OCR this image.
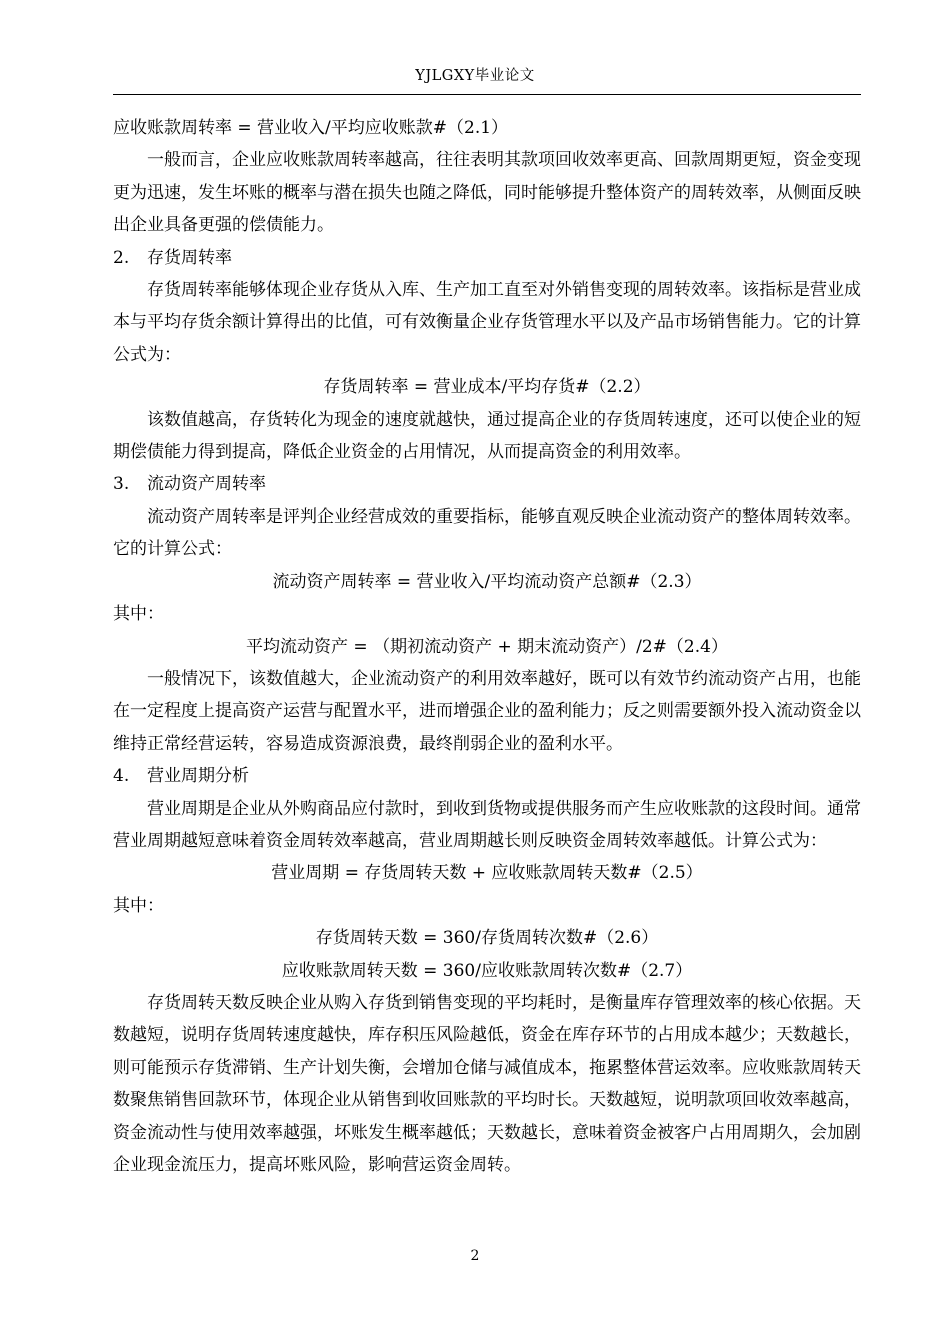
YJLGXY毕业论文

应收账款周转率 = 营业收入/平均应收账款#（2.1）

一般而言，企业应收账款周转率越高，往往表明其款项回收效率更高、回款周期更短，资金变现更为迅速，发生坏账的概率与潜在损失也随之降低，同时能够提升整体资产的周转效率，从侧面反映出企业具备更强的偿债能力。

2. 存货周转率

存货周转率能够体现企业存货从入库、生产加工直至对外销售变现的周转效率。该指标是营业成本与平均存货余额计算得出的比值，可有效衡量企业存货管理水平以及产品市场销售能力。它的计算公式为：

存货周转率 = 营业成本/平均存货#（2.2）

该数值越高，存货转化为现金的速度就越快，通过提高企业的存货周转速度，还可以使企业的短期偿债能力得到提高，降低企业资金的占用情况，从而提高资金的利用效率。

3. 流动资产周转率

流动资产周转率是评判企业经营成效的重要指标，能够直观反映企业流动资产的整体周转效率。它的计算公式：

流动资产周转率 = 营业收入/平均流动资产总额#（2.3）

其中：

平均流动资产 = （期初流动资产 + 期末流动资产）/2#（2.4）

一般情况下，该数值越大，企业流动资产的利用效率越好，既可以有效节约流动资产占用，也能在一定程度上提高资产运营与配置水平，进而增强企业的盈利能力；反之则需要额外投入流动资金以维持正常经营运转，容易造成资源浪费，最终削弱企业的盈利水平。

4. 营业周期分析

营业周期是企业从外购商品应付款时，到收到货物或提供服务而产生应收账款的这段时间。通常营业周期越短意味着资金周转效率越高，营业周期越长则反映资金周转效率越低。计算公式为：

营业周期 = 存货周转天数 + 应收账款周转天数#（2.5）

其中：

存货周转天数 = 360/存货周转次数#（2.6）

应收账款周转天数 = 360/应收账款周转次数#（2.7）

存货周转天数反映企业从购入存货到销售变现的平均耗时，是衡量库存管理效率的核心依据。天数越短，说明存货周转速度越快，库存积压风险越低，资金在库存环节的占用成本越少；天数越长，则可能预示存货滞销、生产计划失衡，会增加仓储与减值成本，拖累整体营运效率。应收账款周转天数聚焦销售回款环节，体现企业从销售到收回账款的平均时长。天数越短，说明款项回收效率越高，资金流动性与使用效率越强，坏账发生概率越低；天数越长，意味着资金被客户占用周期久，会加剧企业现金流压力，提高坏账风险，影响营运资金周转。

2
